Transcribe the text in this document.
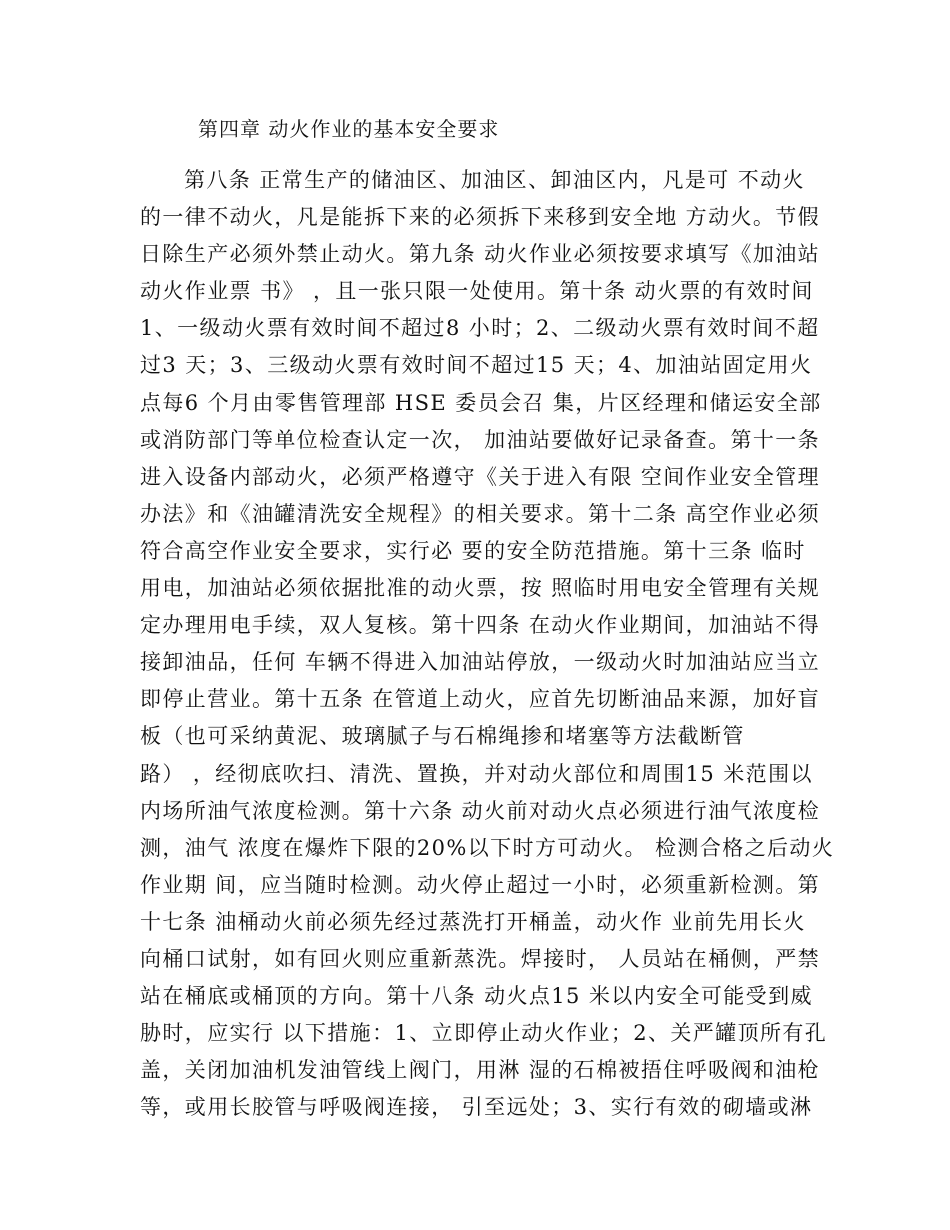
第四章 动火作业的基本安全要求
第八条 正常生产的储油区、加油区、卸油区内，凡是可 不动火
的一律不动火，凡是能拆下来的必须拆下来移到安全地 方动火。节假
日除生产必须外禁止动火。第九条 动火作业必须按要求填写《加油站
动火作业票 书》 ，且一张只限一处使用。第十条 动火票的有效时间
1、一级动火票有效时间不超过8 小时；2、二级动火票有效时间不超
过3 天；3、三级动火票有效时间不超过15 天；4、加油站固定用火
点每6 个月由零售管理部 HSE 委员会召 集，片区经理和储运安全部
或消防部门等单位检查认定一次， 加油站要做好记录备查。第十一条
进入设备内部动火，必须严格遵守《关于进入有限 空间作业安全管理
办法》和《油罐清洗安全规程》的相关要求。第十二条 高空作业必须
符合高空作业安全要求，实行必 要的安全防范措施。第十三条 临时
用电，加油站必须依据批准的动火票，按 照临时用电安全管理有关规
定办理用电手续，双人复核。第十四条 在动火作业期间，加油站不得
接卸油品，任何 车辆不得进入加油站停放，一级动火时加油站应当立
即停止营业。第十五条 在管道上动火，应首先切断油品来源，加好盲
板（也可采纳黄泥、玻璃腻子与石棉绳掺和堵塞等方法截断管
路） ，经彻底吹扫、清洗、置换，并对动火部位和周围15 米范围以
内场所油气浓度检测。第十六条 动火前对动火点必须进行油气浓度检
测，油气 浓度在爆炸下限的20%以下时方可动火。 检测合格之后动火
作业期 间，应当随时检测。动火停止超过一小时，必须重新检测。第
十七条 油桶动火前必须先经过蒸洗打开桶盖，动火作 业前先用长火
向桶口试射，如有回火则应重新蒸洗。焊接时， 人员站在桶侧，严禁
站在桶底或桶顶的方向。第十八条 动火点15 米以内安全可能受到威
胁时，应实行 以下措施：1、立即停止动火作业；2、关严罐顶所有孔
盖，关闭加油机发油管线上阀门，用淋 湿的石棉被捂住呼吸阀和油枪
等，或用长胶管与呼吸阀连接， 引至远处；3、实行有效的砌墙或淋
